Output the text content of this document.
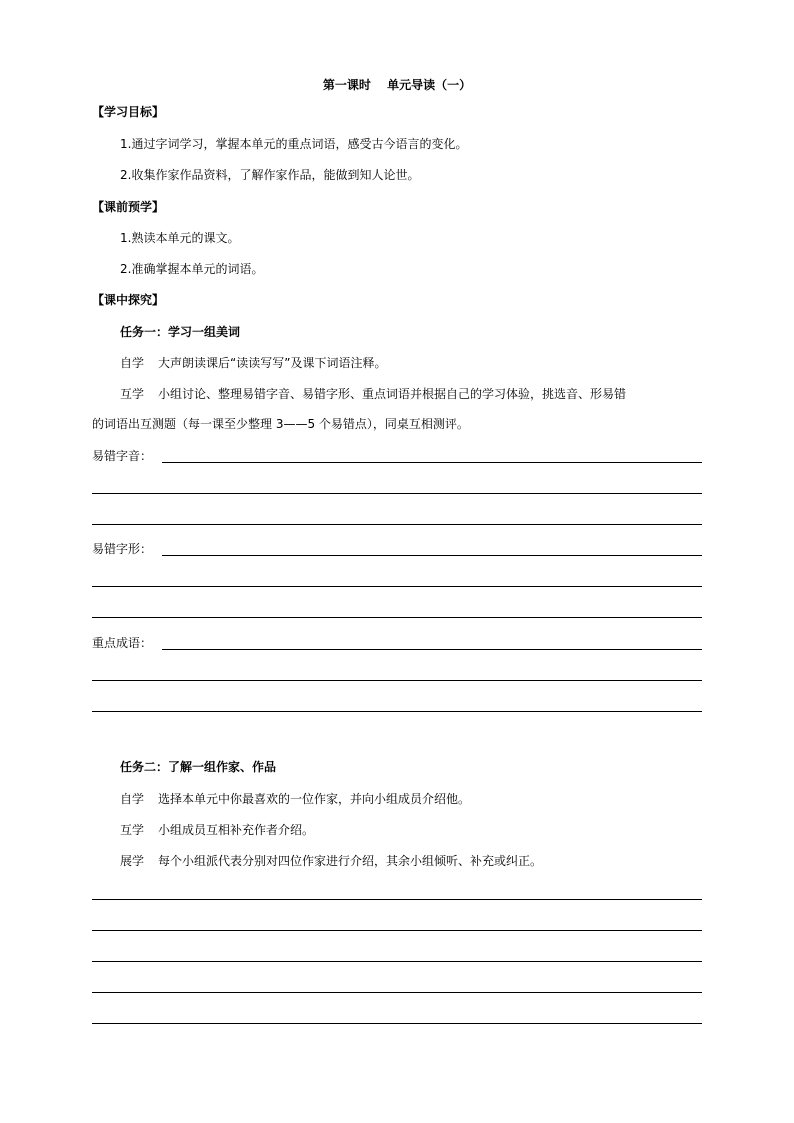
第一课时　 单元导读（一）
【学习目标】
1.通过字词学习，掌握本单元的重点词语，感受古今语言的变化。
2.收集作家作品资料，了解作家作品，能做到知人论世。
【课前预学】
1.熟读本单元的课文。
2.准确掌握本单元的词语。
【课中探究】
任务一：学习一组美词
自学 大声朗读课后“读读写写”及课下词语注释。
互学 小组讨论、整理易错字音、易错字形、重点词语并根据自己的学习体验，挑选音、形易错
的词语出互测题（每一课至少整理 3——5 个易错点），同桌互相测评。
易错字音：
易错字形：
重点成语：
任务二：了解一组作家、作品
自学 选择本单元中你最喜欢的一位作家，并向小组成员介绍他。
互学 小组成员互相补充作者介绍。
展学 每个小组派代表分别对四位作家进行介绍，其余小组倾听、补充或纠正。
